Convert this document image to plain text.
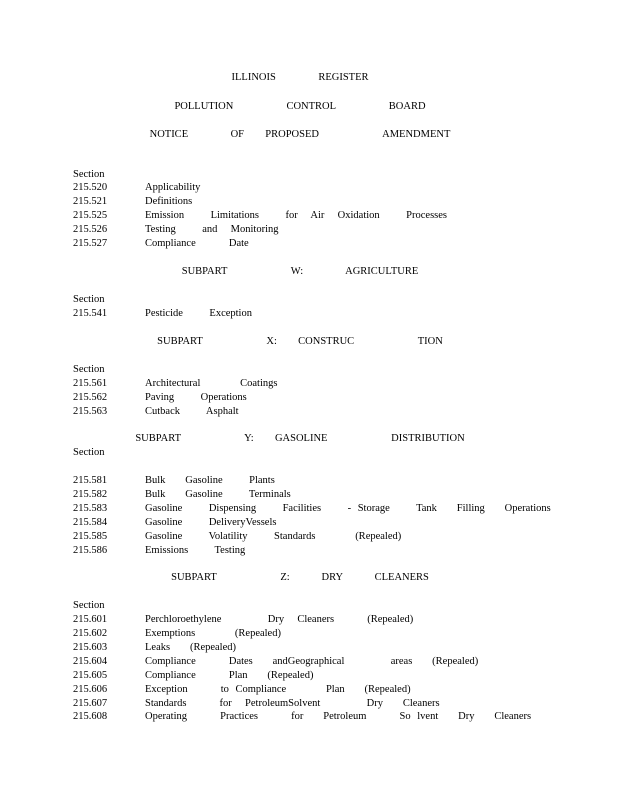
ILLINOIS    REGISTER
POLLUTION     CONTROL     BOARD
NOTICE    OF  PROPOSED      AMENDMENT
Section
215.520	Applicability
215.521	Definitions
215.525	Emission    Limitations    for  Air  Oxidation    Processes
215.526	Testing    and  Monitoring
215.527	Compliance     Date
SUBPART      W:    AGRICULTURE
Section
215.541	Pesticide    Exception
SUBPART      X:  CONSTRUC      TION
Section
215.561	Architectural      Coatings
215.562	Paving    Operations
215.563	Cutback    Asphalt
SUBPART      Y:  GASOLINE      DISTRIBUTION
Section
215.581	Bulk   Gasoline    Plants
215.582	Bulk   Gasoline    Terminals
215.583	Gasoline    Dispensing    Facilities    - Storage    Tank   Filling   Operations
215.584	Gasoline    DeliveryVessels
215.585	Gasoline    Volatility    Standards      (Repealed)
215.586	Emissions    Testing
SUBPART      Z:   DRY   CLEANERS
Section
215.601	Perchloroethylene       Dry  Cleaners     (Repealed)
215.602	Exemptions      (Repealed)
215.603	Leaks   (Repealed)
215.604	Compliance     Dates   andGeographical       areas   (Repealed)
215.605	Compliance     Plan   (Repealed)
215.606	Exception     to Compliance      Plan   (Repealed)
215.607	Standards     for  PetroleumSolvent       Dry   Cleaners
215.608	Operating     Practices     for   Petroleum     So lvent   Dry   Cleaners
